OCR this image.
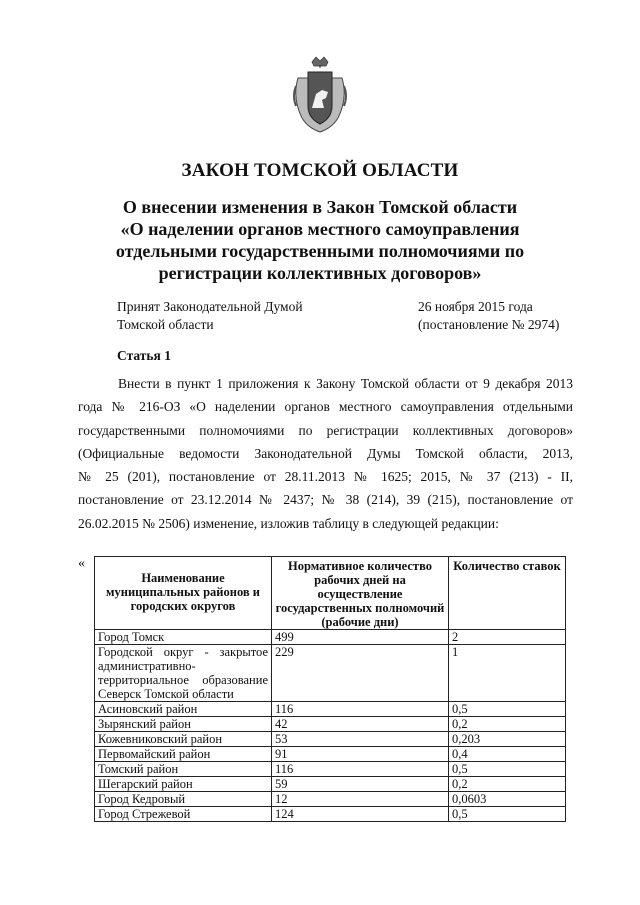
ЗАКОН ТОМСКОЙ ОБЛАСТИ
О внесении изменения в Закон Томской области
«О наделении органов местного самоуправления
отдельными государственными полномочиями по
регистрации коллективных договоров»
Принят Законодательной Думой
Томской области
26 ноября 2015 года
(постановление № 2974)
Статья 1
Внести в пункт 1 приложения к Закону Томской области от 9 декабря 2013
года № 216-ОЗ «О наделении органов местного самоуправления отдельными
государственными полномочиями по регистрации коллективных договоров»
(Официальные ведомости Законодательной Думы Томской области, 2013,
№ 25 (201), постановление от 28.11.2013 № 1625; 2015, № 37 (213) - II,
постановление от 23.12.2014 № 2437; № 38 (214), 39 (215), постановление от
26.02.2015 № 2506) изменение, изложив таблицу в следующей редакции:
«
Наименование муниципальных районов и городских округов	Нормативное количество рабочих дней на осуществление государственных полномочий (рабочие дни)	Количество ставок
Город Томск	499	2
Городской округ - закрытое административно-территориальное образование Северск Томской области	229	1
Асиновский район	116	0,5
Зырянский район	42	0,2
Кожевниковский район	53	0,203
Первомайский район	91	0,4
Томский район	116	0,5
Шегарский район	59	0,2
Город Кедровый	12	0,0603
Город Стрежевой	124	0,5
